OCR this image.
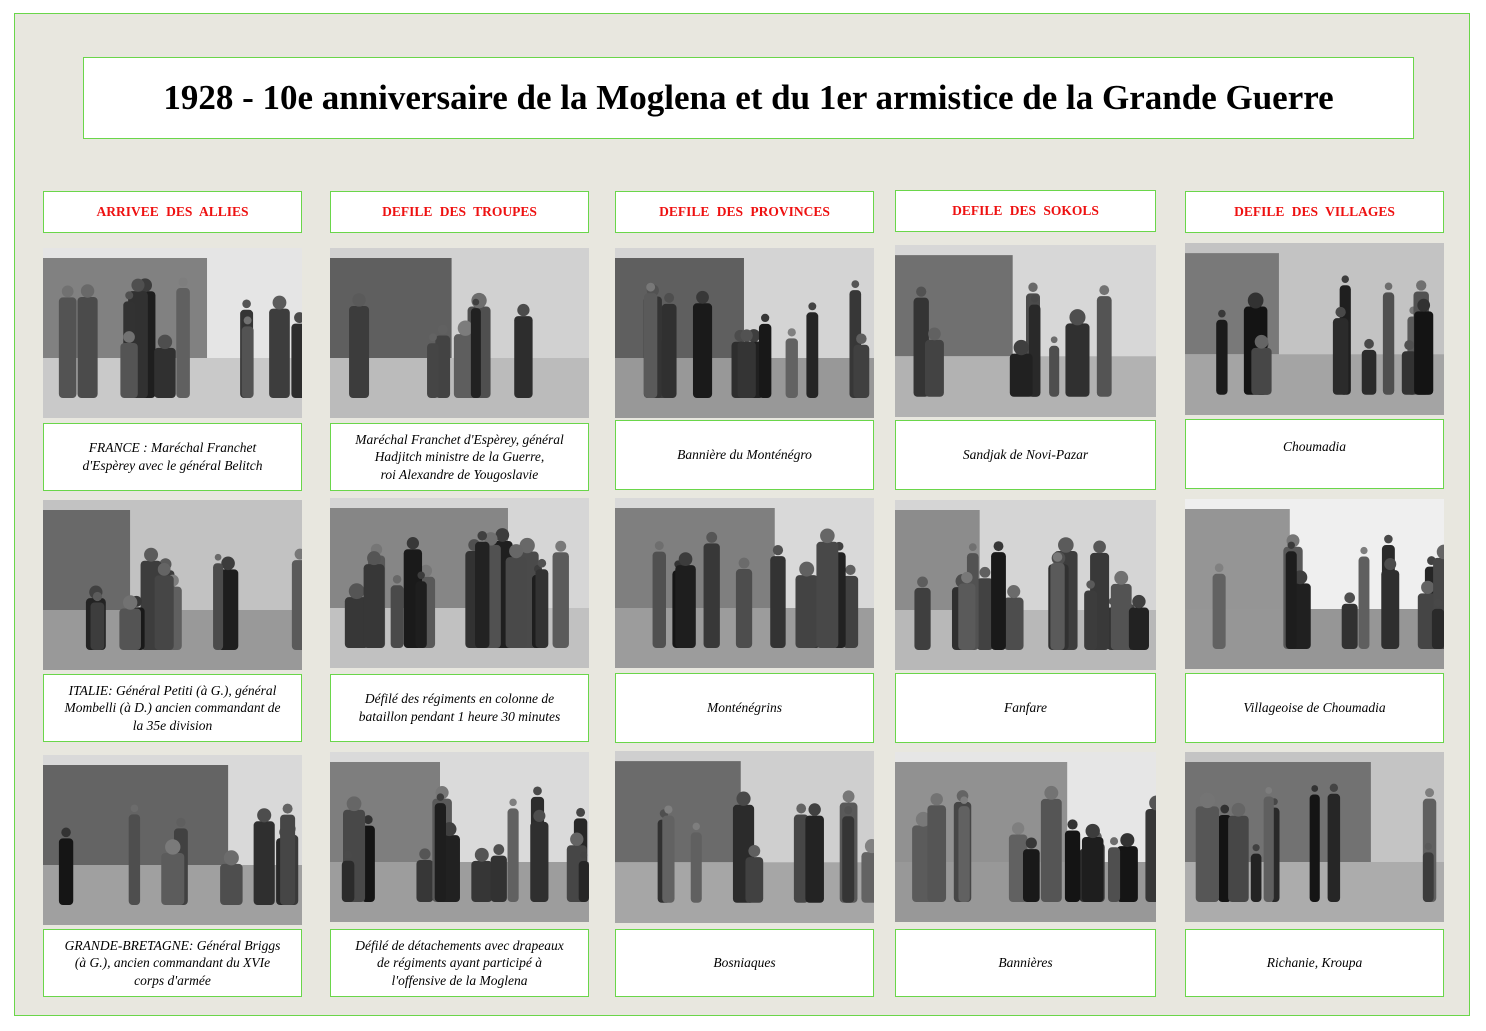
1928 - 10e anniversaire de la Moglena et du 1er armistice de la Grande Guerre
ARRIVEE DES ALLIES
FRANCE : Maréchal Franchet
d'Espèrey avec le général Belitch
ITALIE: Général Petiti (à G.), général
Mombelli (à D.) ancien commandant de
la 35e division
GRANDE-BRETAGNE: Général Briggs
(à G.), ancien commandant du XVIe
corps d'armée
DEFILE DES TROUPES
Maréchal Franchet d'Espèrey, général
Hadjitch ministre de la Guerre,
roi Alexandre de Yougoslavie
Défilé des régiments en colonne de
bataillon pendant 1 heure 30 minutes
Défilé de détachements avec drapeaux
de régiments ayant participé à
l'offensive de la Moglena
DEFILE DES PROVINCES
Bannière du Monténégro
Monténégrins
Bosniaques
DEFILE DES SOKOLS
Sandjak de Novi-Pazar
Fanfare
Bannières
DEFILE DES VILLAGES
Choumadia
Villageoise de Choumadia
Richanie, Kroupa
